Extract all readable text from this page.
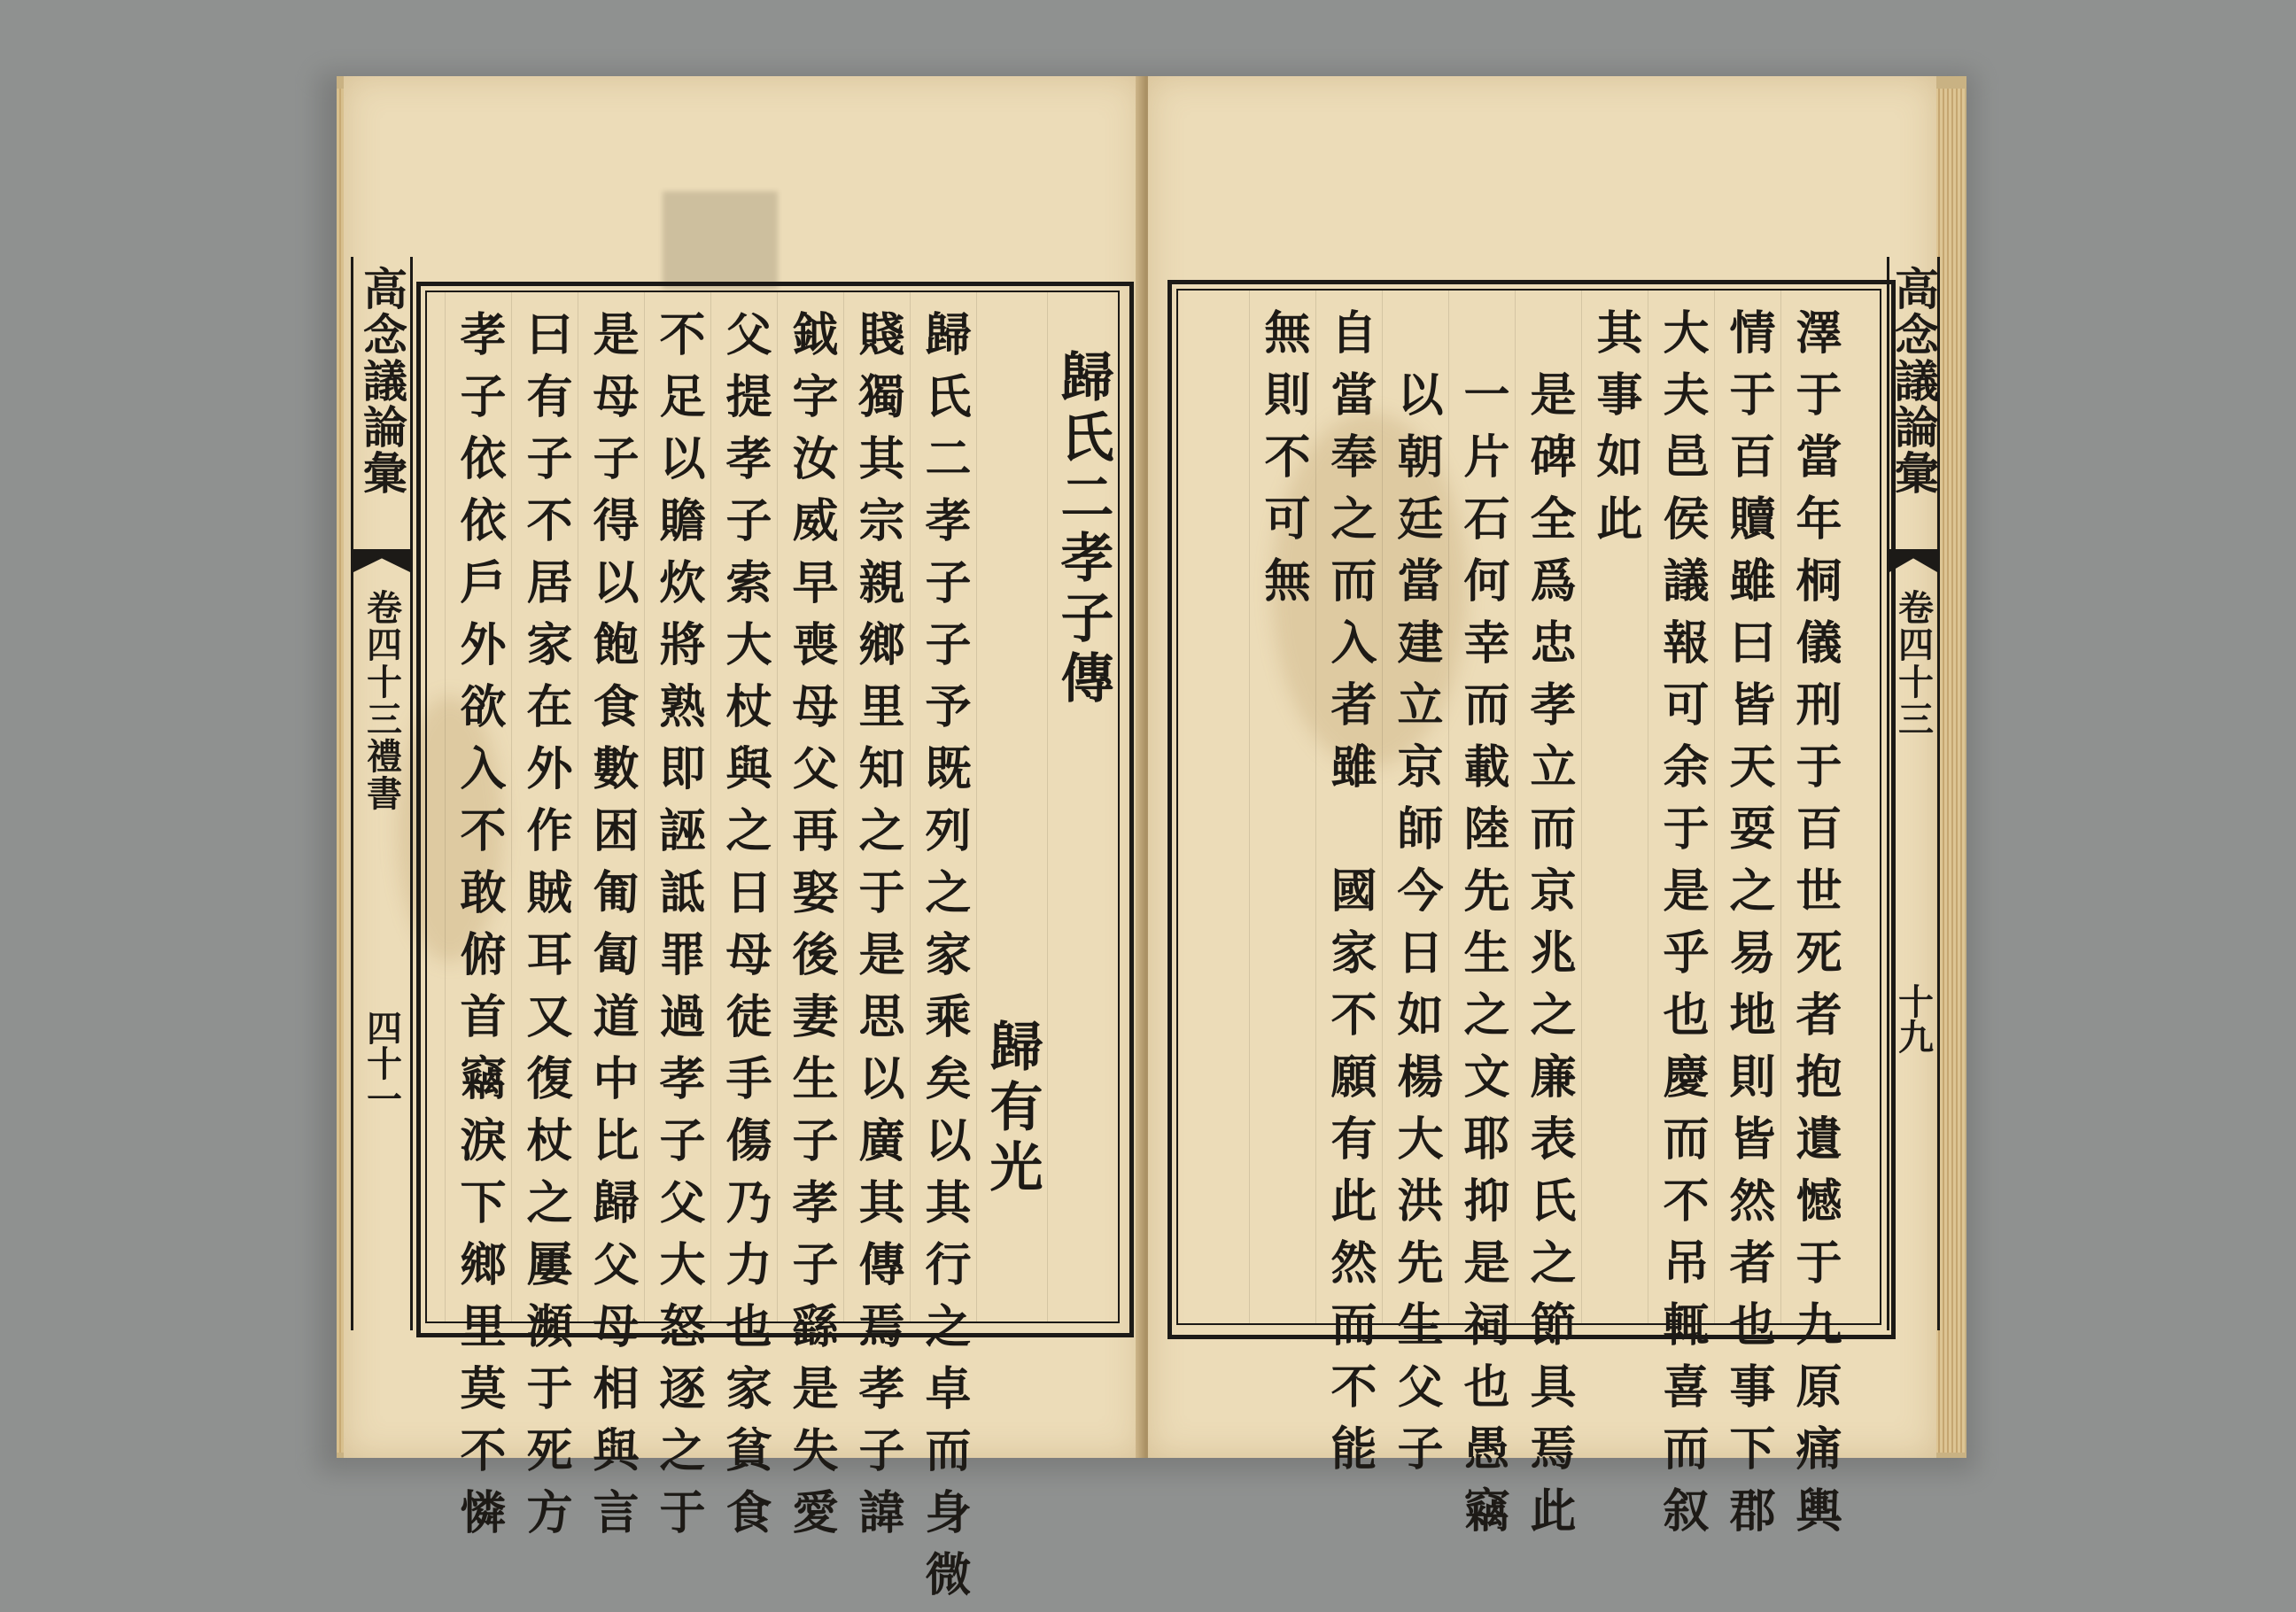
歸氏二孝子傳
歸有光
歸氏二孝子子予既列之家乘矣以其行之卓而身微
賤獨其宗親鄉里知之于是思以廣其傳焉孝子諱
鉞字汝威早喪母父再娶後妻生子孝子繇是失愛
父提孝子索大杖與之日母徒手傷乃力也家貧食
不足以贍炊將熟即誣詆罪過孝子父大怒逐之于
是母子得以飽食數困匍匐道中比歸父母相與言
曰有子不居家在外作賊耳又復杖之屢瀕于死方
孝子依依戶外欲入不敢俯首竊淚下鄉里莫不憐
高念議論彙
卷四十三禮書
四十一
　　　	澤于當年桐儀刑于百世死者抱遺憾于九原痛輿
情于百贖雖曰皆天耍之易地則皆然者也事下郡
大夫邑侯議報可余于是乎也慶而不吊輒喜而叙
其事如此
是碑全爲忠孝立而京兆之廉表氏之節具焉此
一片石何幸而載陸先生之文耶抑是祠也愚竊
以朝廷當建立京師今日如楊大洪先生父子
自當奉之而入者雖　國家不願有此然而不能
無則不可無	高念議論彙
卷四十三
十九
